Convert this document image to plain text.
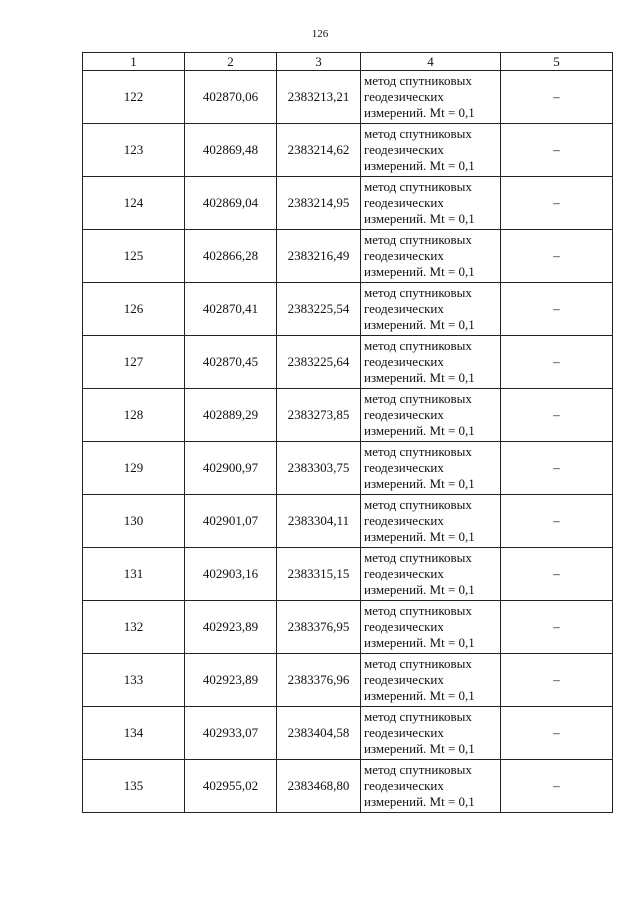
126
1	2	3	4	5
122	402870,06	2383213,21	метод спутниковых
геодезических
измерений. Mt = 0,1	–
123	402869,48	2383214,62	метод спутниковых
геодезических
измерений. Mt = 0,1	–
124	402869,04	2383214,95	метод спутниковых
геодезических
измерений. Mt = 0,1	–
125	402866,28	2383216,49	метод спутниковых
геодезических
измерений. Mt = 0,1	–
126	402870,41	2383225,54	метод спутниковых
геодезических
измерений. Mt = 0,1	–
127	402870,45	2383225,64	метод спутниковых
геодезических
измерений. Mt = 0,1	–
128	402889,29	2383273,85	метод спутниковых
геодезических
измерений. Mt = 0,1	–
129	402900,97	2383303,75	метод спутниковых
геодезических
измерений. Mt = 0,1	–
130	402901,07	2383304,11	метод спутниковых
геодезических
измерений. Mt = 0,1	–
131	402903,16	2383315,15	метод спутниковых
геодезических
измерений. Mt = 0,1	–
132	402923,89	2383376,95	метод спутниковых
геодезических
измерений. Mt = 0,1	–
133	402923,89	2383376,96	метод спутниковых
геодезических
измерений. Mt = 0,1	–
134	402933,07	2383404,58	метод спутниковых
геодезических
измерений. Mt = 0,1	–
135	402955,02	2383468,80	метод спутниковых
геодезических
измерений. Mt = 0,1	–
